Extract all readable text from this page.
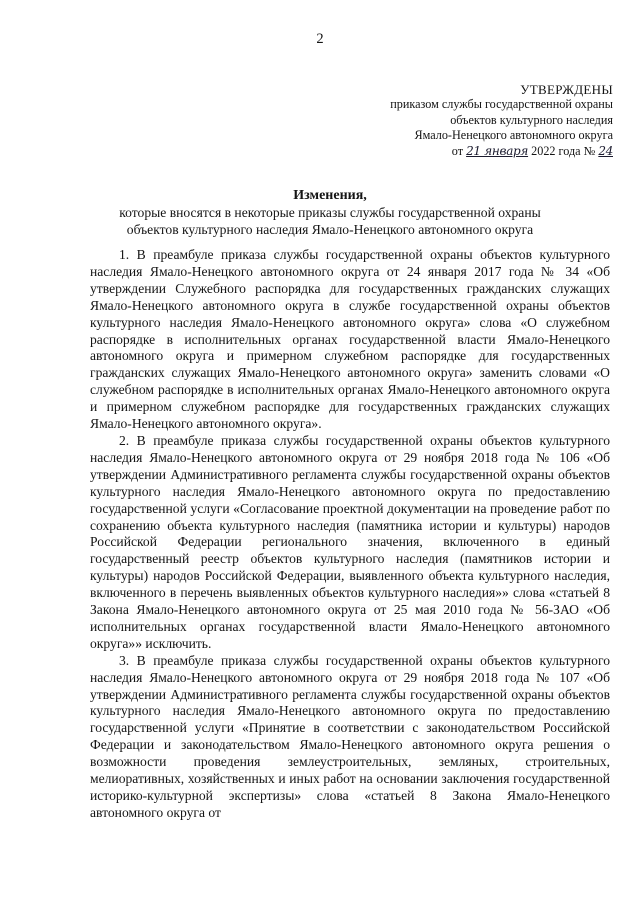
2
УТВЕРЖДЕНЫ
приказом службы государственной охраны
объектов культурного наследия
Ямало-Ненецкого автономного округа
от 21 января 2022 года № 24
Изменения,
которые вносятся в некоторые приказы службы государственной охраны
объектов культурного наследия Ямало-Ненецкого автономного округа

1. В преамбуле приказа службы государственной охраны объектов культурного наследия Ямало-Ненецкого автономного округа от 24 января 2017 года № 34 «Об утверждении Служебного распорядка для государственных гражданских служащих Ямало-Ненецкого автономного округа в службе государственной охраны объектов культурного наследия Ямало-Ненецкого автономного округа» слова «О служебном распорядке в исполнительных органах государственной власти Ямало-Ненецкого автономного округа и примерном служебном распорядке для государственных гражданских служащих Ямало-Ненецкого автономного округа» заменить словами «О служебном распорядке в исполнительных органах Ямало-Ненецкого автономного округа и примерном служебном распорядке для государственных гражданских служащих Ямало-Ненецкого автономного округа».

2. В преамбуле приказа службы государственной охраны объектов культурного наследия Ямало-Ненецкого автономного округа от 29 ноября 2018 года № 106 «Об утверждении Административного регламента службы государственной охраны объектов культурного наследия Ямало-Ненецкого автономного округа по предоставлению государственной услуги «Согласование проектной документации на проведение работ по сохранению объекта культурного наследия (памятника истории и культуры) народов Российской Федерации регионального значения, включенного в единый государственный реестр объектов культурного наследия (памятников истории и культуры) народов Российской Федерации, выявленного объекта культурного наследия, включенного в перечень выявленных объектов культурного наследия»» слова «статьей 8 Закона Ямало-Ненецкого автономного округа от 25 мая 2010 года № 56-ЗАО «Об исполнительных органах государственной власти Ямало-Ненецкого автономного округа»» исключить.

3. В преамбуле приказа службы государственной охраны объектов культурного наследия Ямало-Ненецкого автономного округа от 29 ноября 2018 года № 107 «Об утверждении Административного регламента службы государственной охраны объектов культурного наследия Ямало-Ненецкого автономного округа по предоставлению государственной услуги «Принятие в соответствии с законодательством Российской Федерации и законодательством Ямало-Ненецкого автономного округа решения о возможности проведения землеустроительных, земляных, строительных, мелиоративных, хозяйственных и иных работ на основании заключения государственной историко-культурной экспертизы» слова «статьей 8 Закона Ямало-Ненецкого автономного округа от
